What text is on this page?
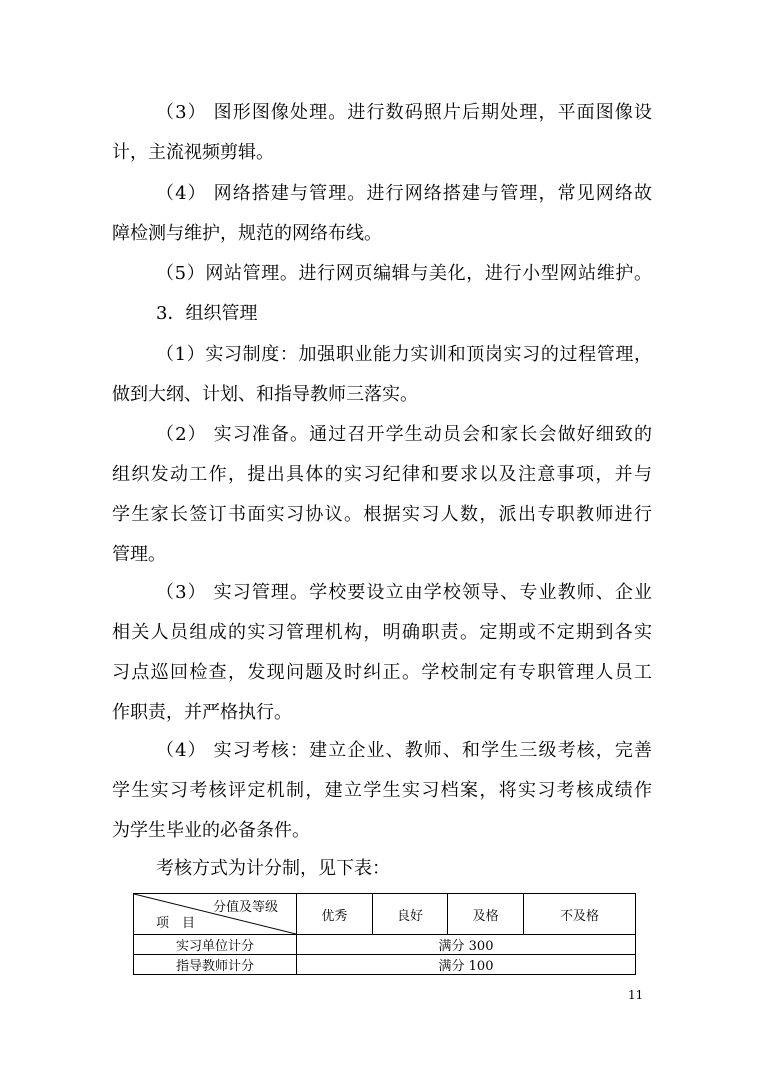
（3） 图形图像处理。进行数码照片后期处理，平面图像设
计，主流视频剪辑。
（4） 网络搭建与管理。进行网络搭建与管理，常见网络故
障检测与维护，规范的网络布线。
（5）网站管理。进行网页编辑与美化，进行小型网站维护。
3．组织管理
（1）实习制度：加强职业能力实训和顶岗实习的过程管理，
做到大纲、计划、和指导教师三落实。
（2） 实习准备。通过召开学生动员会和家长会做好细致的
组织发动工作，提出具体的实习纪律和要求以及注意事项，并与
学生家长签订书面实习协议。根据实习人数，派出专职教师进行
管理。
（3） 实习管理。学校要设立由学校领导、专业教师、企业
相关人员组成的实习管理机构，明确职责。定期或不定期到各实
习点巡回检查，发现问题及时纠正。学校制定有专职管理人员工
作职责，并严格执行。
（4） 实习考核：建立企业、教师、和学生三级考核，完善
学生实习考核评定机制，建立学生实习档案，将实习考核成绩作
为学生毕业的必备条件。
考核方式为计分制，见下表：
分值及等级
项　目	优秀	良好	及格	不及格
实习单位计分	满分 300			
指导教师计分	满分 100			
11
